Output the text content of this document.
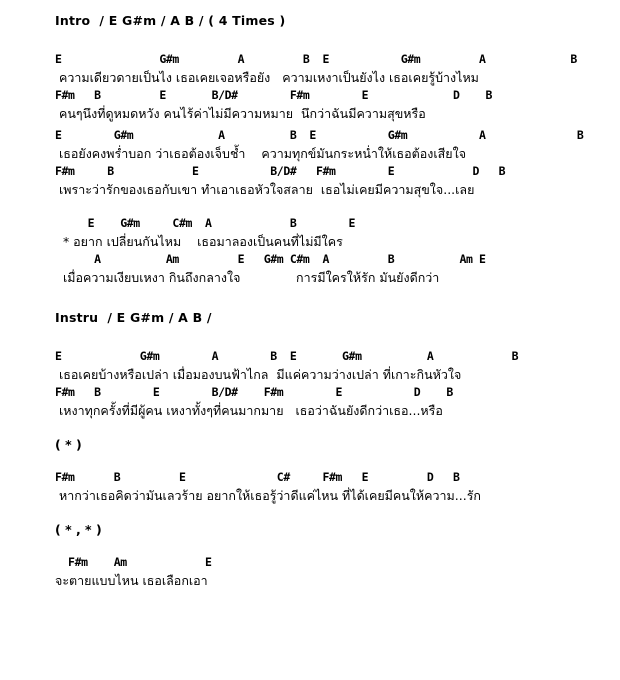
Intro  / E G#m / A B / ( 4 Times )
E               G#m         A         B  E           G#m         A             B
ความเดียวดายเป็นไง เธอเคยเจอหรือยัง   ความเหงาเป็นยังไง เธอเคยรู้บ้างไหม
F#m   B         E       B/D#        F#m        E             D    B
คนๆนึงที่ดูหมดหวัง คนไร้ค่าไม่มีความหมาย  นึกว่าฉันมีความสุขหรือ
E        G#m             A          B  E           G#m           A              B
เธอยังคงพร่ำบอก ว่าเธอต้องเจ็บช้ำ    ความทุกข์มันกระหน่ำให้เธอต้องเสียใจ
F#m     B            E           B/D#   F#m        E            D   B
เพราะว่ารักของเธอกับเขา ทำเอาเธอหัวใจสลาย  เธอไม่เคยมีความสุขใจ...เลย
E    G#m     C#m  A            B        E
* อยาก เปลี่ยนกันไหม    เธอมาลองเป็นคนที่ไม่มีใคร
A          Am         E   G#m C#m  A         B          Am E
เมื่อความเงียบเหงา กินถึงกลางใจ              การมีใครให้รัก มันยังดีกว่า
Instru  / E G#m / A B /
E            G#m        A        B  E       G#m          A            B
เธอเคยบ้างหรือเปล่า เมื่อมองบนฟ้าไกล  มีแค่ความว่างเปล่า ที่เกาะกินหัวใจ
F#m   B        E        B/D#    F#m        E           D    B
เหงาทุกครั้งที่มีผู้คน เหงาทั้งๆที่คนมากมาย   เธอว่าฉันยังดีกว่าเธอ...หรือ
( * )
F#m      B         E              C#     F#m   E         D   B
หากว่าเธอคิดว่ามันเลวร้าย อยากให้เธอรู้ว่าดีแค่ไหน ที่ได้เคยมีคนให้ความ...รัก
( * , * )
F#m    Am            E
จะตายแบบไหน เธอเลือกเอา
